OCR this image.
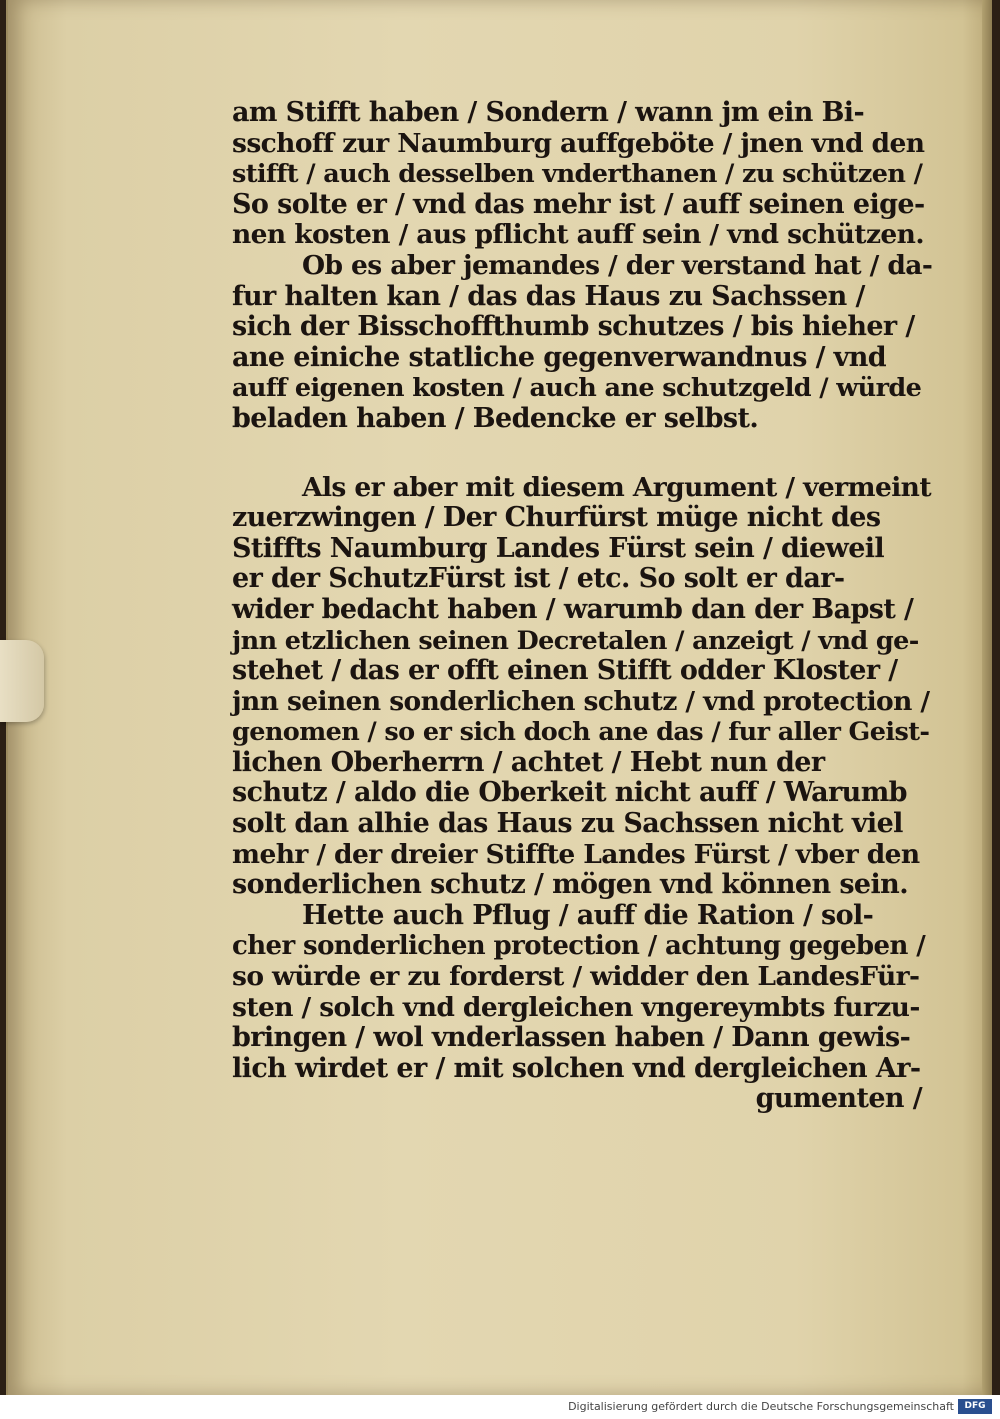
am Stifft haben / Sondern / wann jm ein Bi-
sschoff zur Naumburg auffgeböte / jnen vnd den
stifft / auch desselben vnderthanen / zu schützen /
So solte er / vnd das mehr ist / auff seinen eige-
nen kosten / aus pflicht auff sein / vnd schützen.
Ob es aber jemandes / der verstand hat / da-
fur halten kan / das das Haus zu Sachssen /
sich der Bisschoffthumb schutzes / bis hieher /
ane einiche statliche gegenverwandnus / vnd
auff eigenen kosten / auch ane schutzgeld / würde
beladen haben / Bedencke er selbst.
Als er aber mit diesem Argument / vermeint
zuerzwingen / Der Churfürst müge nicht des
Stiffts Naumburg Landes Fürst sein / dieweil
er der SchutzFürst ist / etc. So solt er dar-
wider bedacht haben / warumb dan der Bapst /
jnn etzlichen seinen Decretalen / anzeigt / vnd ge-
stehet / das er offt einen Stifft odder Kloster /
jnn seinen sonderlichen schutz / vnd protection /
genomen / so er sich doch ane das / fur aller Geist-
lichen Oberherrn / achtet / Hebt nun der
schutz / aldo die Oberkeit nicht auff / Warumb
solt dan alhie das Haus zu Sachssen nicht viel
mehr / der dreier Stiffte Landes Fürst / vber den
sonderlichen schutz / mögen vnd können sein.
Hette auch Pflug / auff die Ration / sol-
cher sonderlichen protection / achtung gegeben /
so würde er zu forderst / widder den LandesFür-
sten / solch vnd dergleichen vngereymbts furzu-
bringen / wol vnderlassen haben / Dann gewis-
lich wirdet er / mit solchen vnd dergleichen Ar-
gumenten /
Digitalisierung gefördert durch die Deutsche Forschungsgemeinschaft	DFG
